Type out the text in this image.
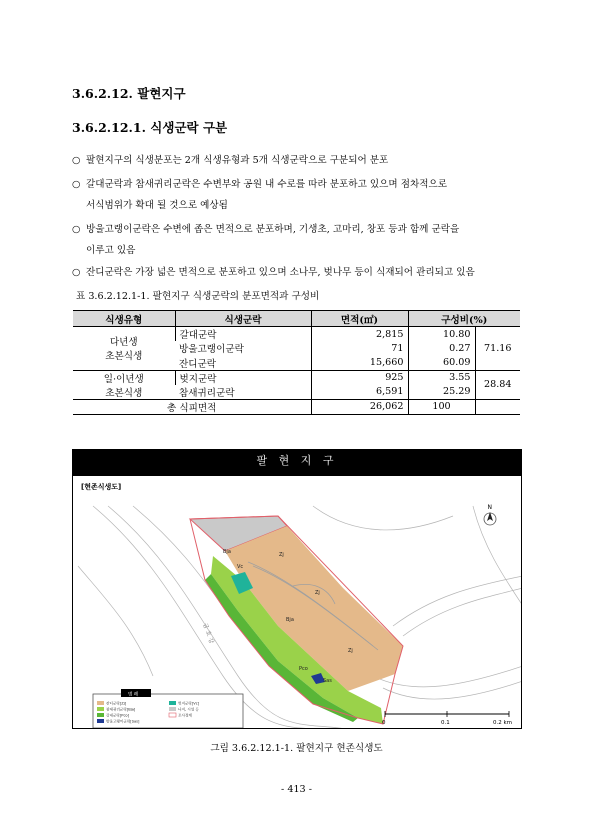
3.6.2.12. 팔현지구
3.6.2.12.1. 식생군락 구분
○ 팔현지구의 식생분포는 2개 식생유형과 5개 식생군락으로 구분되어 분포
○ 갈대군락과 참새귀리군락은 수변부와 공원 내 수로를 따라 분포하고 있으며 점차적으로
서식범위가 확대 될 것으로 예상됨
○ 방울고랭이군락은 수변에 좁은 면적으로 분포하며, 기생초, 고마리, 창포 등과 함께 군락을
이루고 있음
○ 잔디군락은 가장 넓은 면적으로 분포하고 있으며 소나무, 벚나무 등이 식재되어 관리되고 있음
표 3.6.2.12.1-1. 팔현지구 식생군락의 분포면적과 구성비
식생유형	식생군락	면적(㎡)	구성비(%)	

다년생
초본식생	갈대군락	2,815	10.80	71.16
	방울고랭이군락	71	0.27	
	잔디군락	15,660	60.09	

일·이년생
초본식생	벚지군락	925	3.55	28.84
	참새귀리군락	6,591	25.29	
총 식피면적		26,062	100	
팔 현 지 구
[현존식생도]
Bja
Vc
Zj
Zj
Zj
Bja
Pco
Sas
금 호 강
N
0	0.1	0.2 km
범 례
잔디군락[Zj]
참새귀리군락[Bja]
갈대군락[Pco]
방울고랭이군락[Sas]
벚지군락[Vc]
나지, 시설 등
조사경계
그림 3.6.2.12.1-1. 팔현지구 현존식생도
- 413 -
